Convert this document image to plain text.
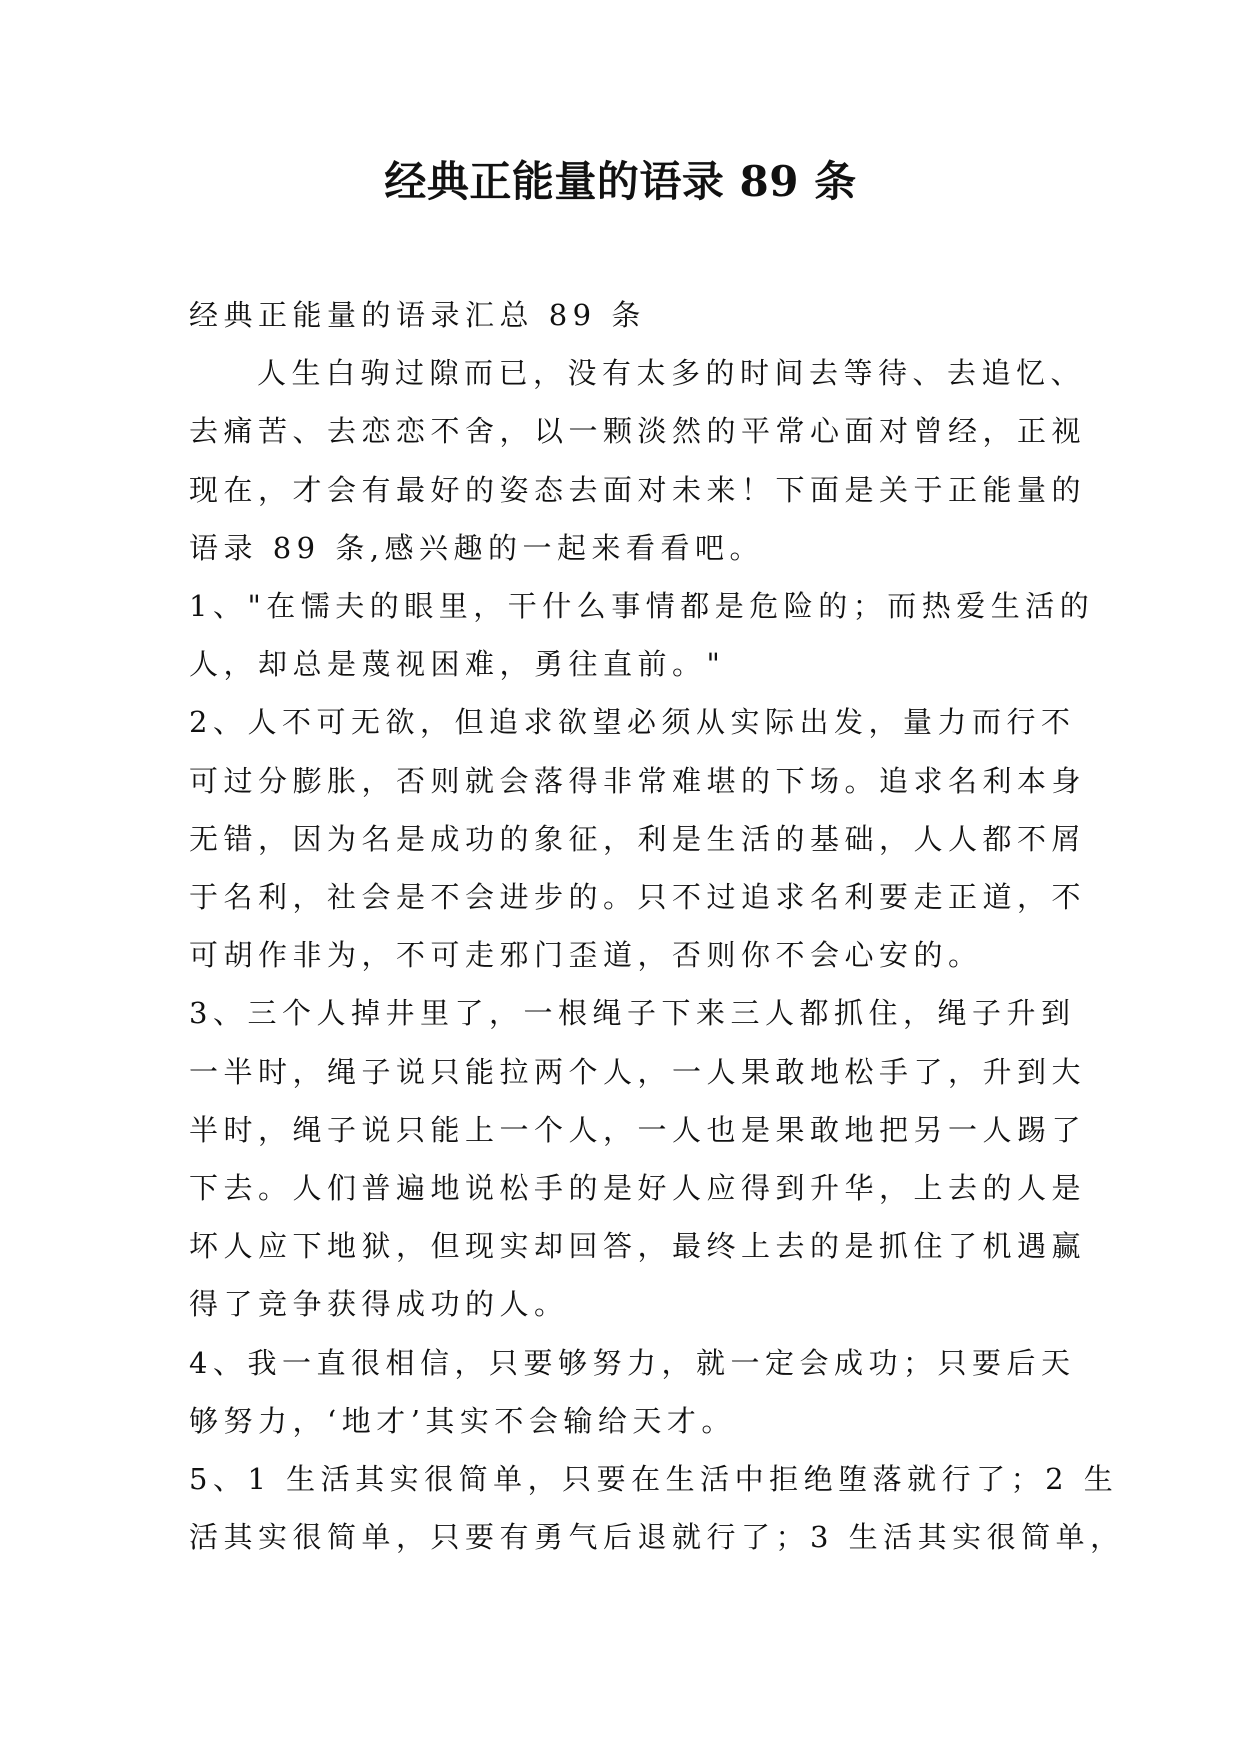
经典正能量的语录 89 条

经典正能量的语录汇总 89 条

人生白驹过隙而已，没有太多的时间去等待、去追忆、

去痛苦、去恋恋不舍，以一颗淡然的平常心面对曾经，正视

现在，才会有最好的姿态去面对未来！下面是关于正能量的

语录 89 条,感兴趣的一起来看看吧。

1、"在懦夫的眼里，干什么事情都是危险的；而热爱生活的

人，却总是蔑视困难，勇往直前。"

2、人不可无欲，但追求欲望必须从实际出发，量力而行不

可过分膨胀，否则就会落得非常难堪的下场。追求名利本身

无错，因为名是成功的象征，利是生活的基础，人人都不屑

于名利，社会是不会进步的。只不过追求名利要走正道，不

可胡作非为，不可走邪门歪道，否则你不会心安的。

3、三个人掉井里了，一根绳子下来三人都抓住，绳子升到

一半时，绳子说只能拉两个人，一人果敢地松手了，升到大

半时，绳子说只能上一个人，一人也是果敢地把另一人踢了

下去。人们普遍地说松手的是好人应得到升华，上去的人是

坏人应下地狱，但现实却回答，最终上去的是抓住了机遇赢

得了竞争获得成功的人。

4、我一直很相信，只要够努力，就一定会成功；只要后天

够努力，‘地才’其实不会输给天才。

5、1 生活其实很简单，只要在生活中拒绝堕落就行了；2 生

活其实很简单，只要有勇气后退就行了；3 生活其实很简单，
